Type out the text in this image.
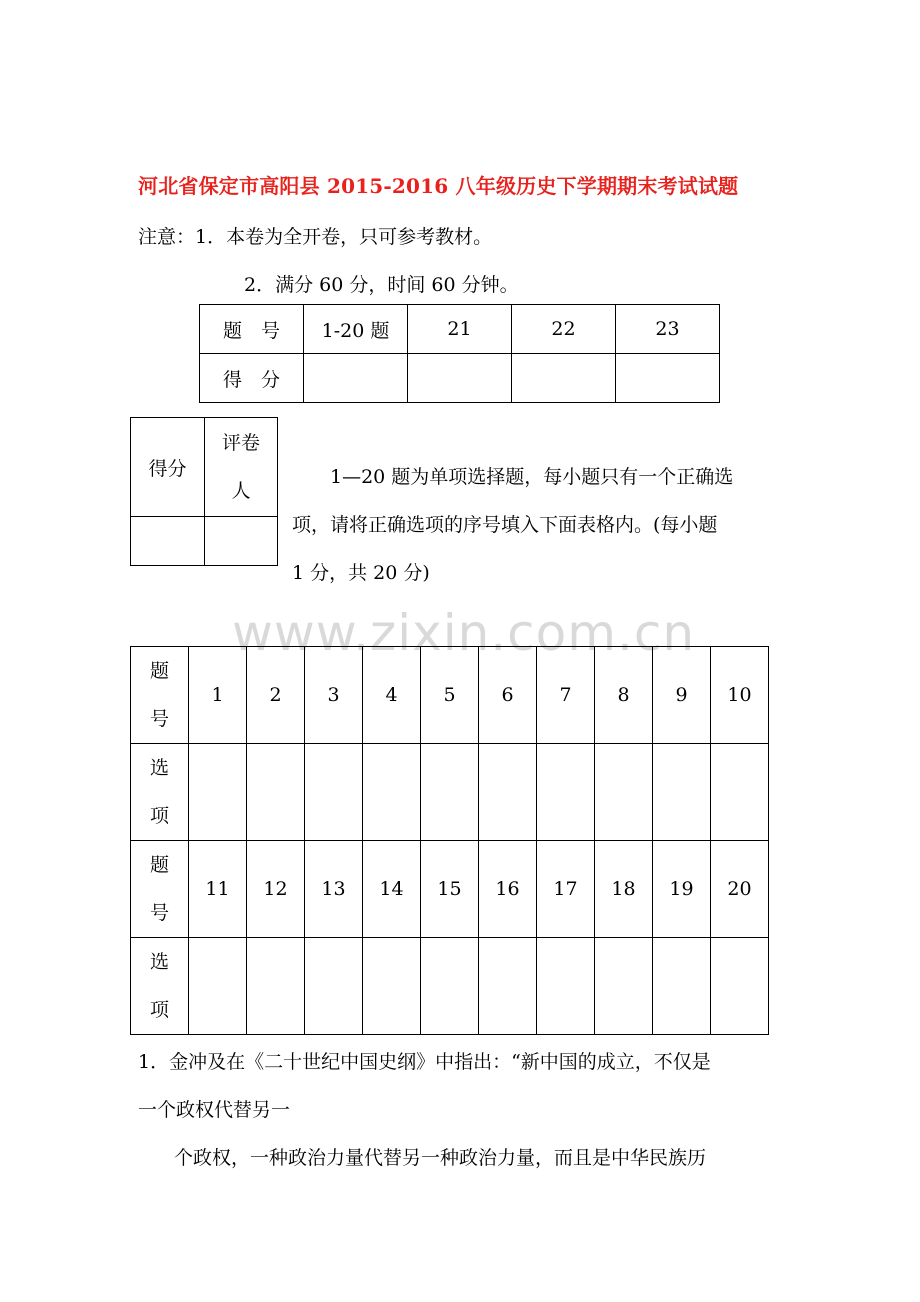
河北省保定市高阳县 2015-2016 八年级历史下学期期末考试试题
注意：1．本卷为全开卷，只可参考教材。
2．满分 60 分，时间 60 分钟。
题　号	1-20 题	21	22	23
得　分				
得分	评卷
人

1—20 题为单项选择题，每小题只有一个正确选
项，请将正确选项的序号填入下面表格内。(每小题
1 分，共 20 分)
www.zixin.com.cn
题
号	1	2	3	4	5	6	7	8	9	10

选
项										

题
号	11	12	13	14	15	16	17	18	19	20

选
项										

1．金冲及在《二十世纪中国史纲》中指出：“新中国的成立，不仅是
一个政权代替另一
个政权，一种政治力量代替另一种政治力量，而且是中华民族历
